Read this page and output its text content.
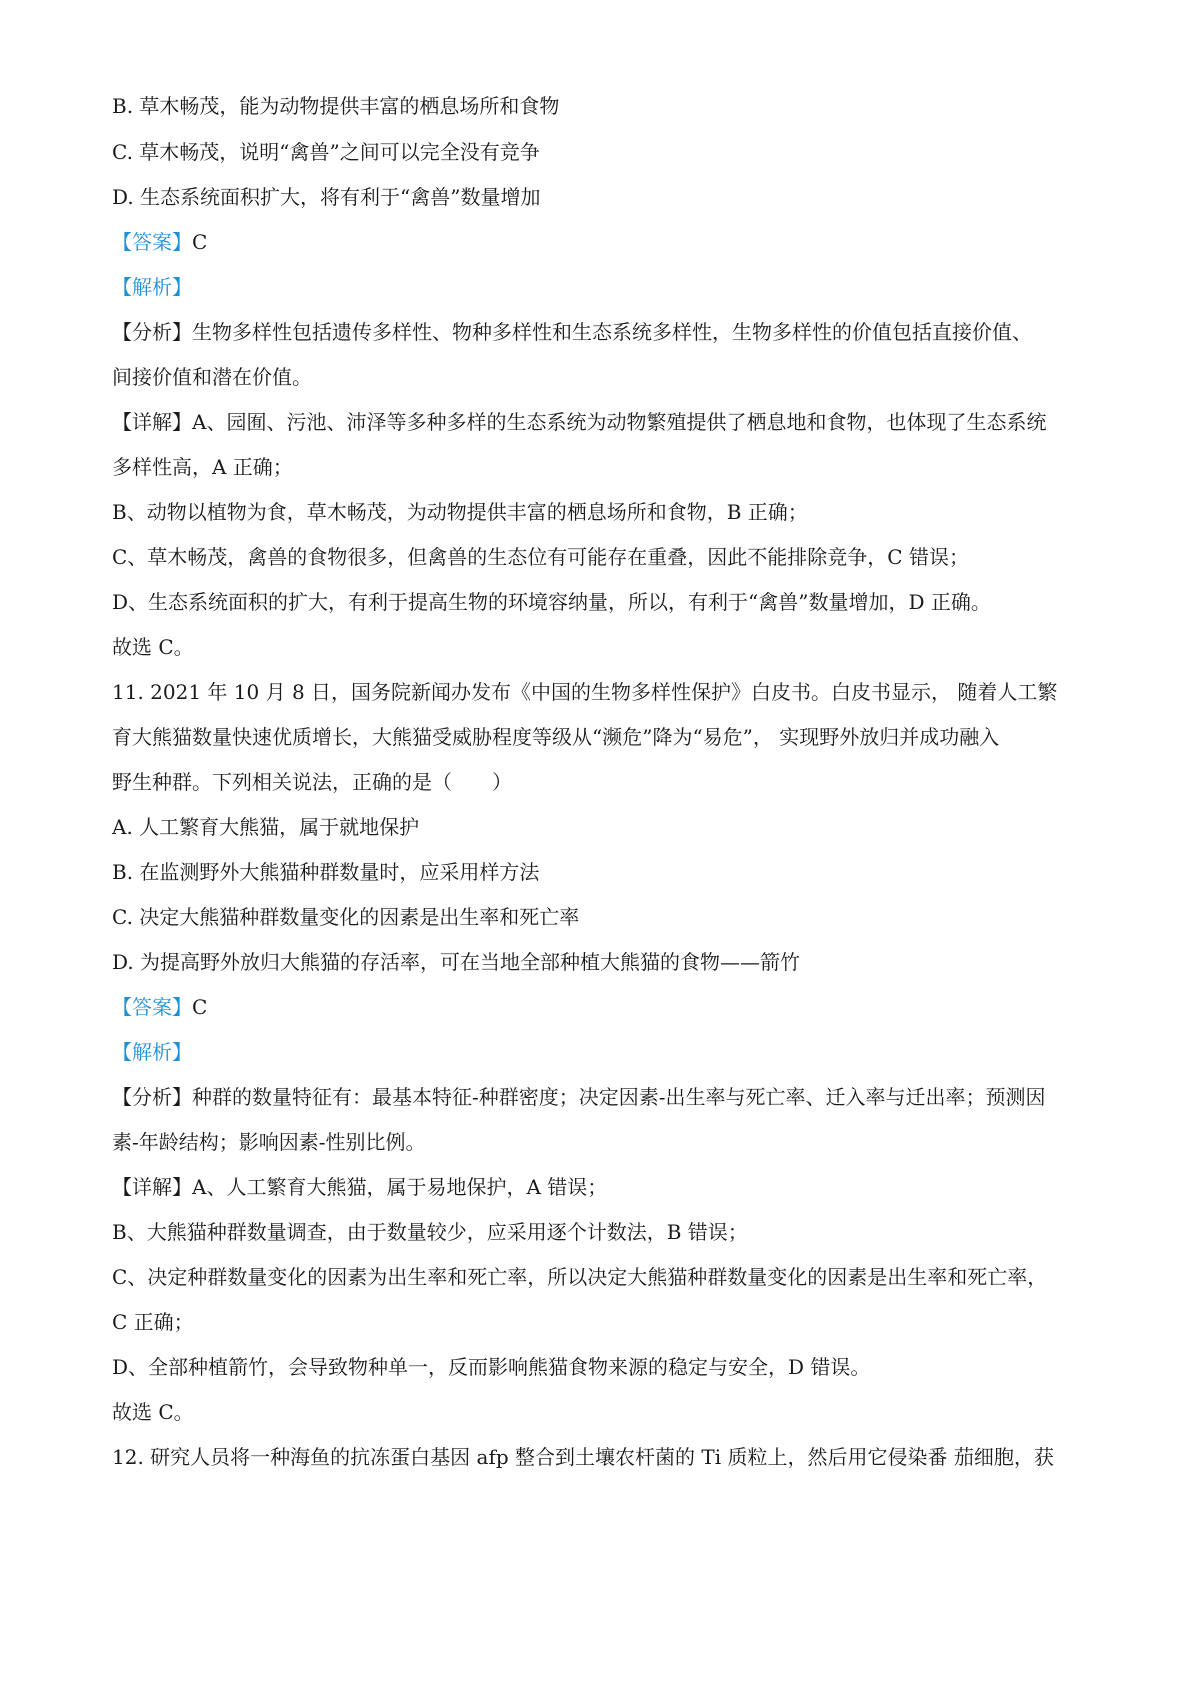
B. 草木畅茂，能为动物提供丰富的栖息场所和食物
C. 草木畅茂，说明“禽兽”之间可以完全没有竞争
D. 生态系统面积扩大，将有利于“禽兽”数量增加
【答案】C
【解析】
【分析】生物多样性包括遗传多样性、物种多样性和生态系统多样性，生物多样性的价值包括直接价值、
间接价值和潜在价值。
【详解】A、园囿、污池、沛泽等多种多样的生态系统为动物繁殖提供了栖息地和食物，也体现了生态系统
多样性高，A 正确；
B、动物以植物为食，草木畅茂，为动物提供丰富的栖息场所和食物，B 正确；
C、草木畅茂，禽兽的食物很多，但禽兽的生态位有可能存在重叠，因此不能排除竞争，C 错误；
D、生态系统面积的扩大，有利于提高生物的环境容纳量，所以，有利于“禽兽”数量增加，D 正确。
故选 C。
11. 2021 年 10 月 8 日，国务院新闻办发布《中国的生物多样性保护》白皮书。白皮书显示， 随着人工繁
育大熊猫数量快速优质增长，大熊猫受威胁程度等级从“濒危”降为“易危”， 实现野外放归并成功融入
野生种群。下列相关说法，正确的是（　　）
A. 人工繁育大熊猫，属于就地保护
B. 在监测野外大熊猫种群数量时，应采用样方法
C. 决定大熊猫种群数量变化的因素是出生率和死亡率
D. 为提高野外放归大熊猫的存活率，可在当地全部种植大熊猫的食物——箭竹
【答案】C
【解析】
【分析】种群的数量特征有：最基本特征-种群密度；决定因素-出生率与死亡率、迁入率与迁出率；预测因
素-年龄结构；影响因素-性别比例。
【详解】A、人工繁育大熊猫，属于易地保护，A 错误；
B、大熊猫种群数量调查，由于数量较少，应采用逐个计数法，B 错误；
C、决定种群数量变化的因素为出生率和死亡率，所以决定大熊猫种群数量变化的因素是出生率和死亡率，
C 正确；
D、全部种植箭竹，会导致物种单一，反而影响熊猫食物来源的稳定与安全，D 错误。
故选 C。
12. 研究人员将一种海鱼的抗冻蛋白基因 afp 整合到土壤农杆菌的 Ti 质粒上，然后用它侵染番 茄细胞，获
